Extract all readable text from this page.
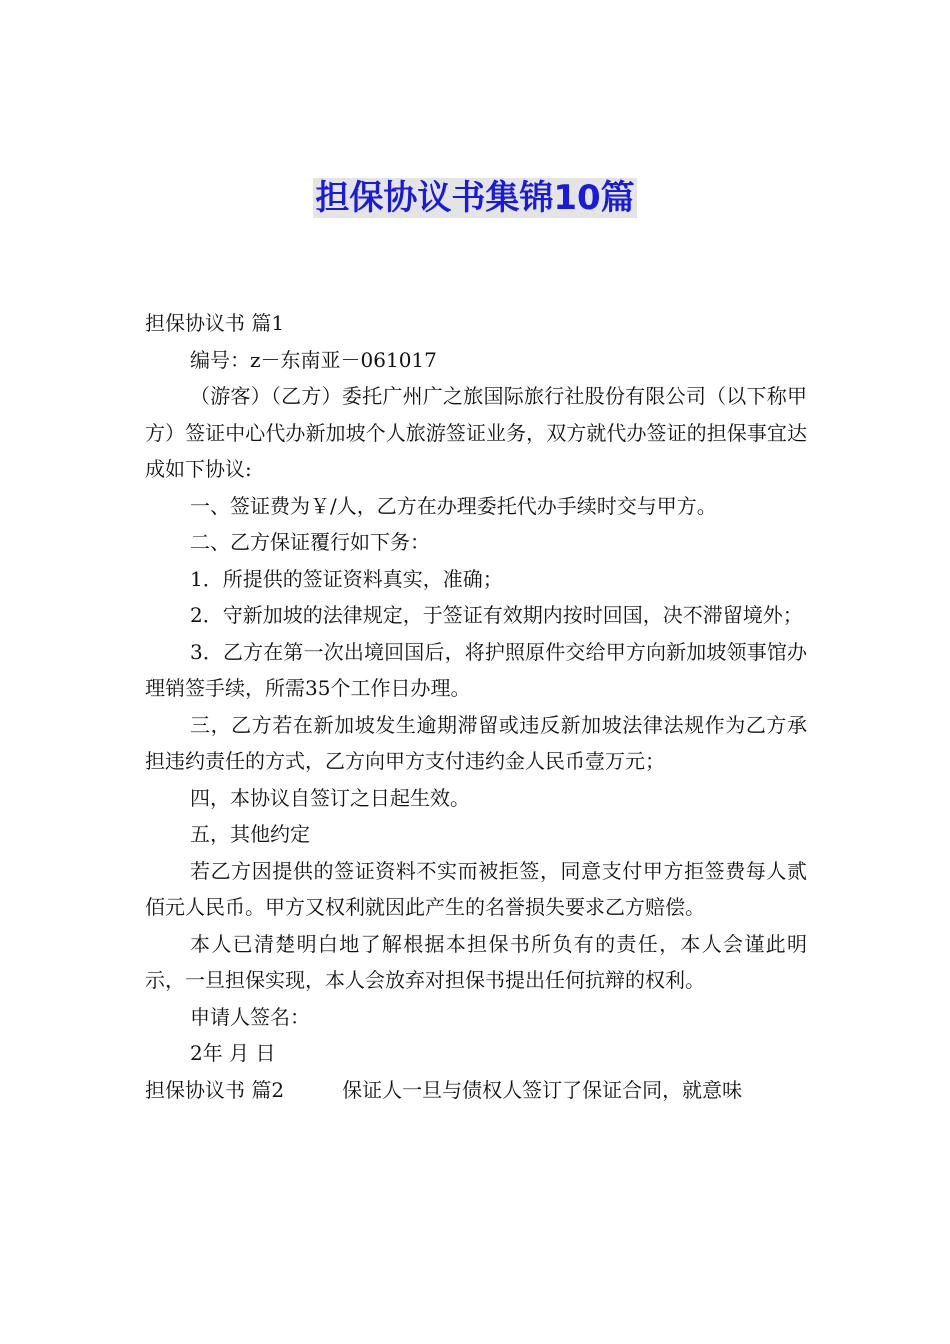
担保协议书集锦10篇

担保协议书 篇1

编号：z－东南亚－061017

（游客）（乙方）委托广州广之旅国际旅行社股份有限公司（以下称甲方）签证中心代办新加坡个人旅游签证业务，双方就代办签证的担保事宜达成如下协议:

一、签证费为￥/人，乙方在办理委托代办手续时交与甲方。

二、乙方保证覆行如下务：

1．所提供的签证资料真实，准确；

2．守新加坡的法律规定，于签证有效期内按时回国，决不滞留境外；

3．乙方在第一次出境回国后，将护照原件交给甲方向新加坡领事馆办理销签手续，所需35个工作日办理。

三，乙方若在新加坡发生逾期滞留或违反新加坡法律法规作为乙方承担违约责任的方式，乙方向甲方支付违约金人民币壹万元；

四，本协议自签订之日起生效。

五，其他约定

若乙方因提供的签证资料不实而被拒签，同意支付甲方拒签费每人贰佰元人民币。甲方又权利就因此产生的名誉损失要求乙方赔偿。

本人已清楚明白地了解根据本担保书所负有的责任，本人会谨此明示，一旦担保实现，本人会放弃对担保书提出任何抗辩的权利。

申请人签名：

2年 月 日

担保协议书 篇2	保证人一旦与债权人签订了保证合同，就意味
